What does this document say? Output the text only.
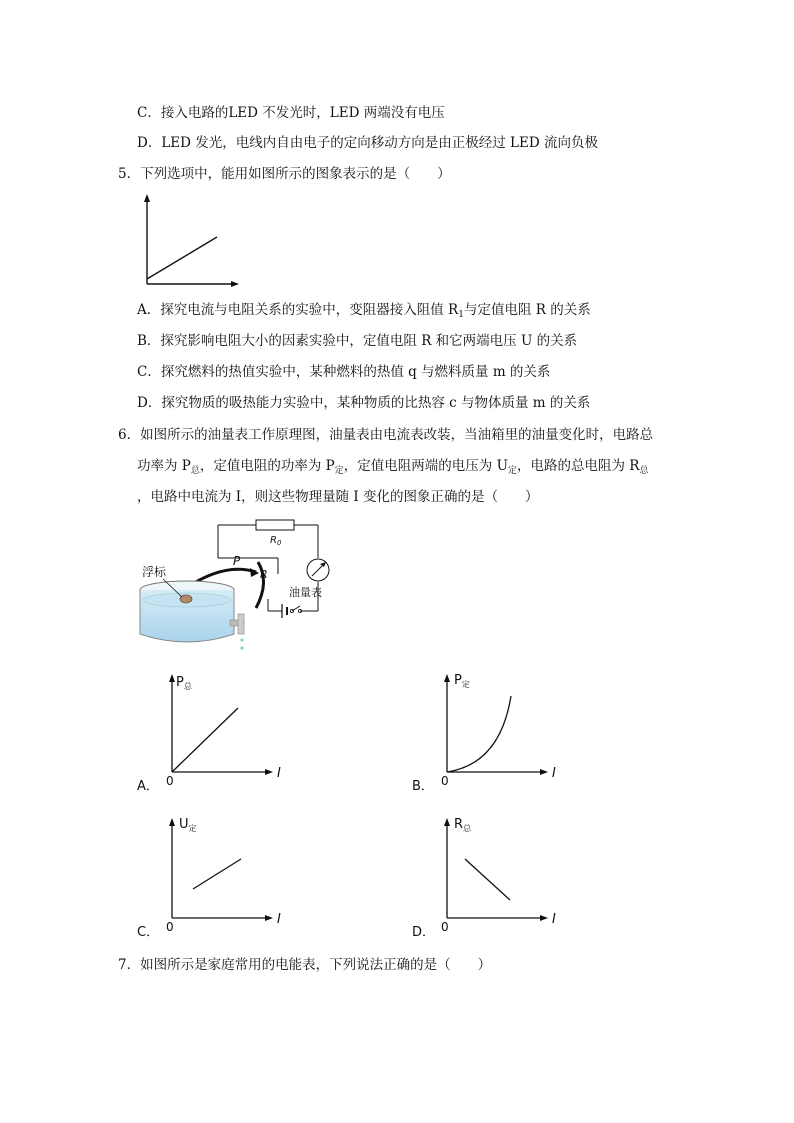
C．接入电路的LED 不发光时，LED 两端没有电压
D．LED 发光，电线内自由电子的定向移动方向是由正极经过 LED 流向负极
5．下列选项中，能用如图所示的图象表示的是（　　）
A．探究电流与电阻关系的实验中，变阻器接入阻值 $R_1$与定值电阻 R 的关系
B．探究影响电阻大小的因素实验中，定值电阻 R 和它两端电压 U 的关系
C．探究燃料的热值实验中，某种燃料的热值 q 与燃料质量 m 的关系
D．探究物质的吸热能力实验中，某种物质的比热容 c 与物体质量 m 的关系
6．如图所示的油量表工作原理图，油量表由电流表改装，当油箱里的油量变化时，电路总
功率为 $P_总$，定值电阻的功率为 $P_定$，定值电阻两端的电压为 $U_定$，电路的总电阻为 $R_总$
，电路中电流为 I，则这些物理量随 I 变化的图象正确的是（　　）
$R_0$
油量表
R
P
浮标
$P_总$
I
0
A．
$P_定$
I
0
B．
$U_定$
I
0
C．
$R_总$
I
0
D．
7．如图所示是家庭常用的电能表，下列说法正确的是（　　）
